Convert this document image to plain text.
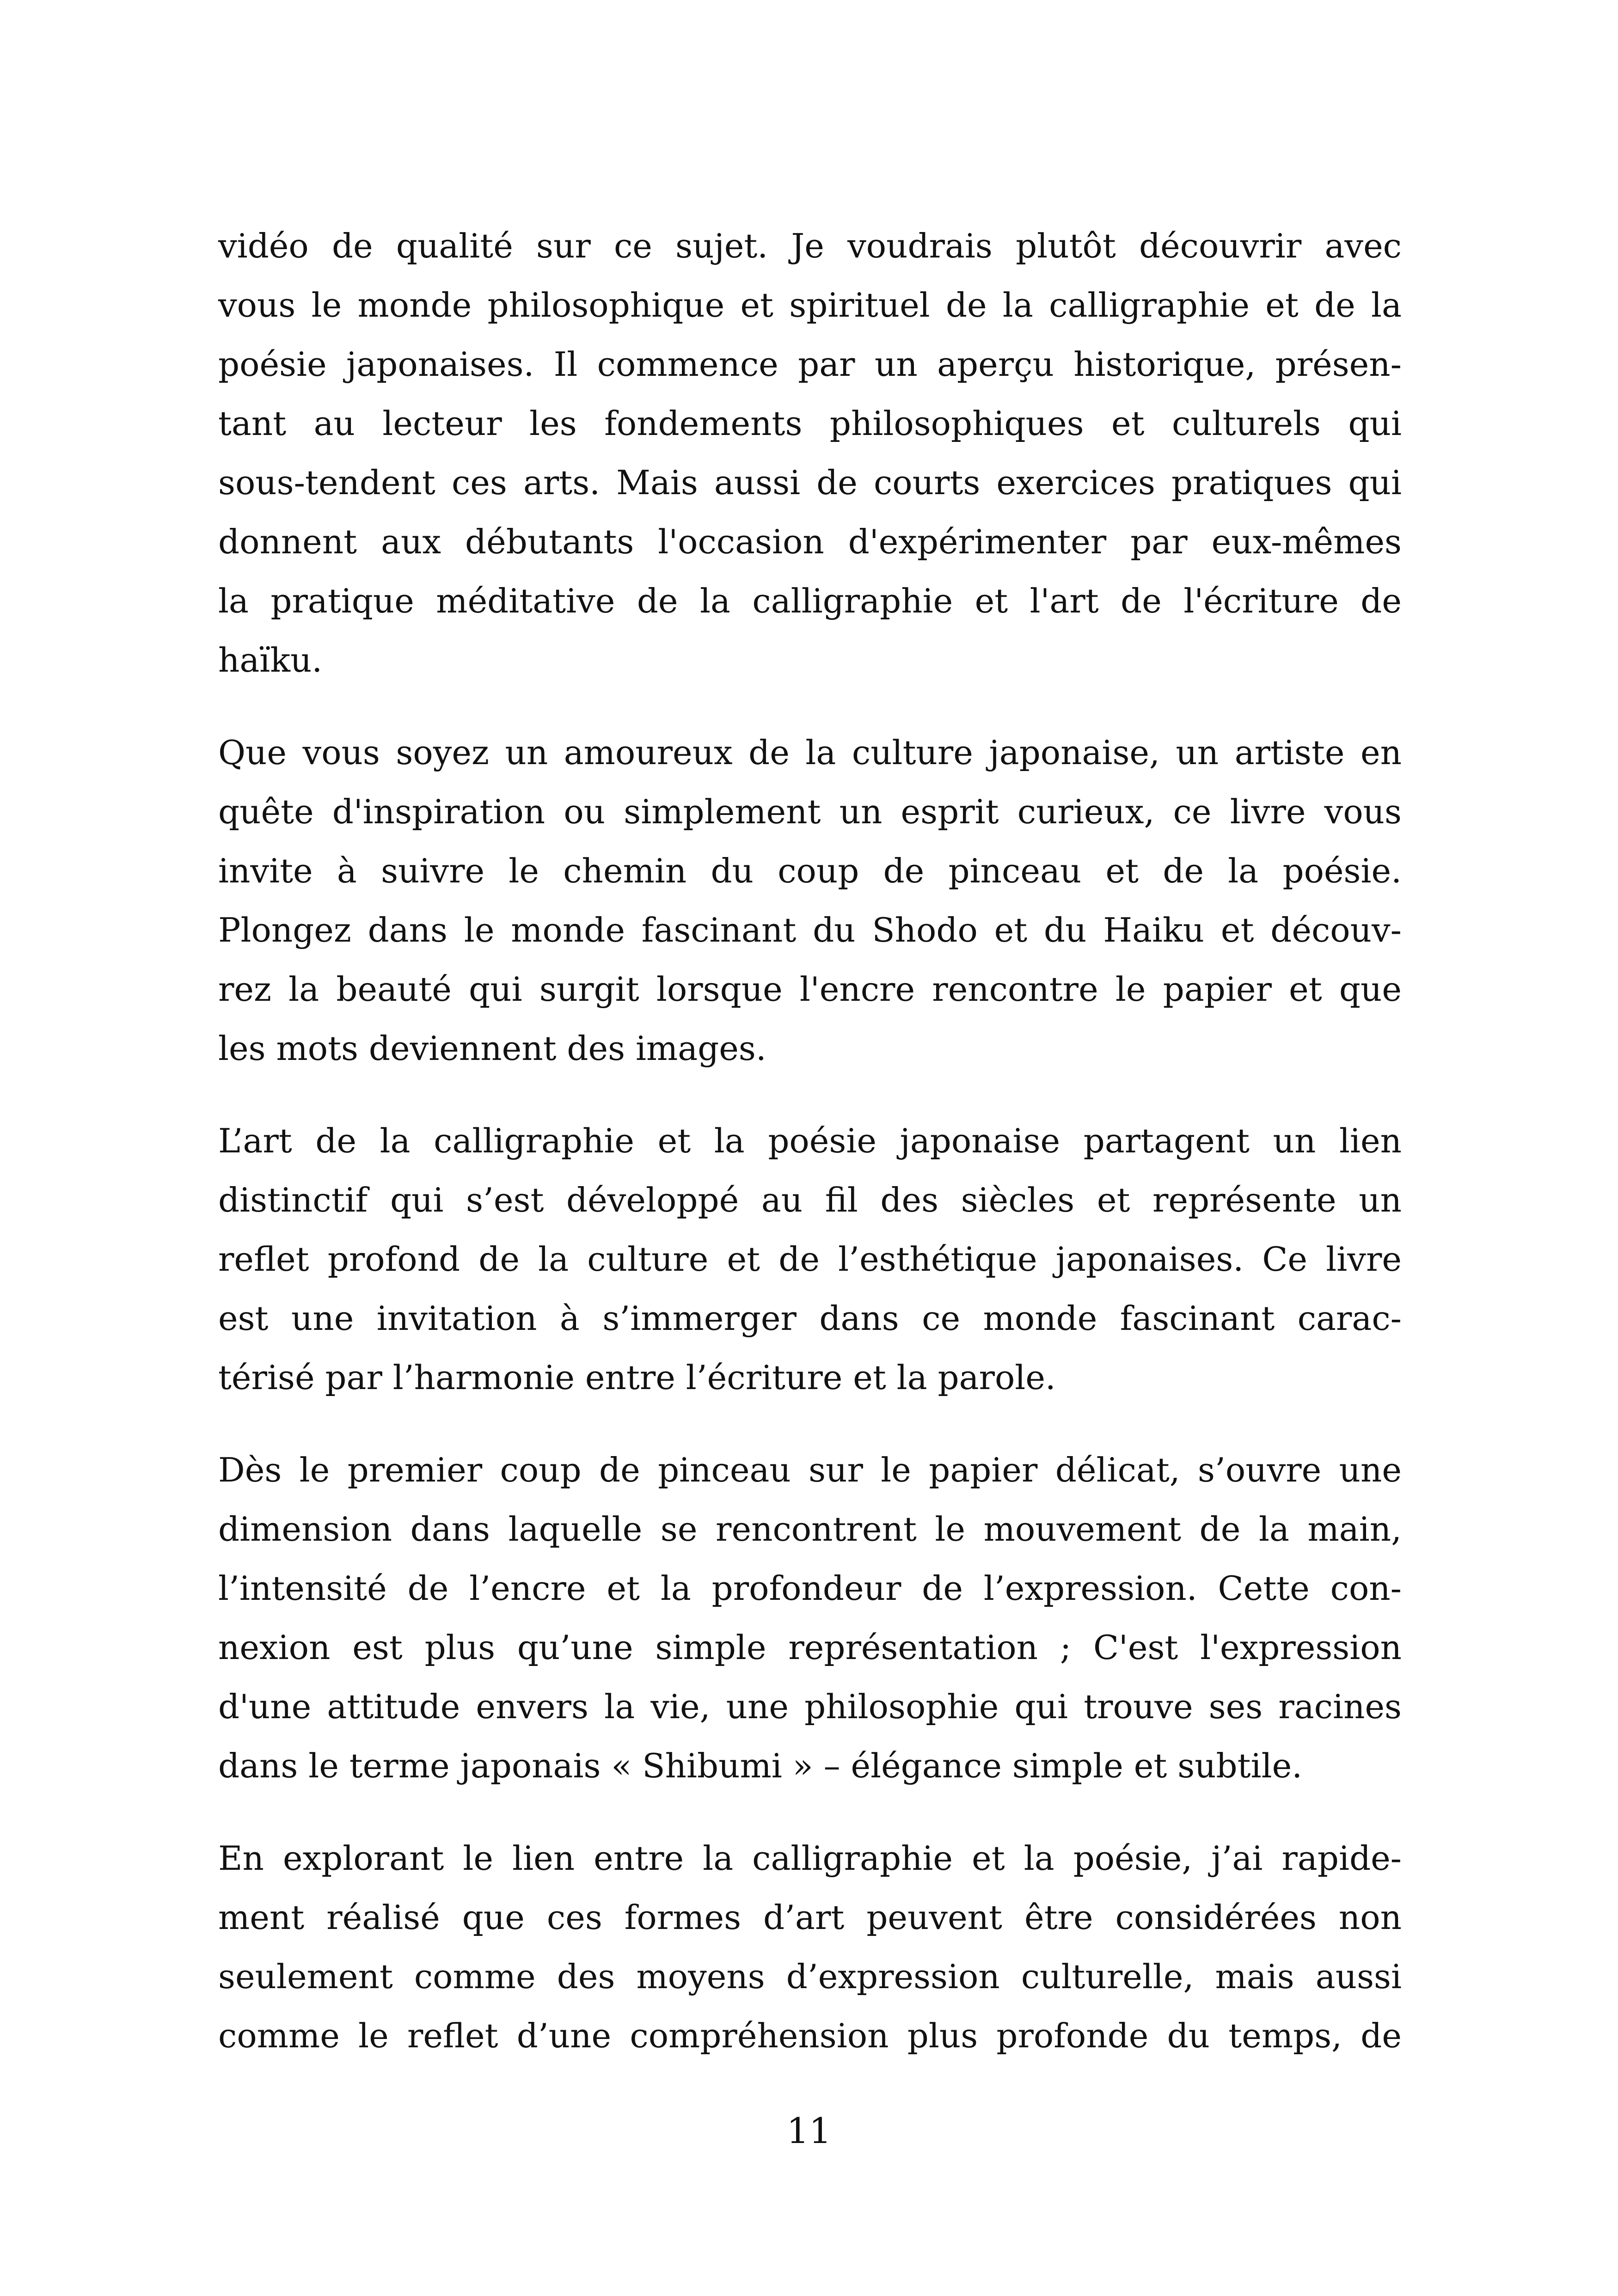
vidéo de qualité sur ce sujet. Je voudrais plutôt découvrir avec
vous le monde philosophique et spirituel de la calligraphie et de la
poésie japonaises. Il commence par un aperçu historique, présen-
tant au lecteur les fondements philosophiques et culturels qui
sous-tendent ces arts. Mais aussi de courts exercices pratiques qui
donnent aux débutants l'occasion d'expérimenter par eux-mêmes
la pratique méditative de la calligraphie et l'art de l'écriture de
haïku.
Que vous soyez un amoureux de la culture japonaise, un artiste en
quête d'inspiration ou simplement un esprit curieux, ce livre vous
invite à suivre le chemin du coup de pinceau et de la poésie.
Plongez dans le monde fascinant du Shodo et du Haiku et découv-
rez la beauté qui surgit lorsque l'encre rencontre le papier et que
les mots deviennent des images.
L’art de la calligraphie et la poésie japonaise partagent un lien
distinctif qui s’est développé au fil des siècles et représente un
reflet profond de la culture et de l’esthétique japonaises. Ce livre
est une invitation à s’immerger dans ce monde fascinant carac-
térisé par l’harmonie entre l’écriture et la parole.
Dès le premier coup de pinceau sur le papier délicat, s’ouvre une
dimension dans laquelle se rencontrent le mouvement de la main,
l’intensité de l’encre et la profondeur de l’expression. Cette con-
nexion est plus qu’une simple représentation ; C'est l'expression
d'une attitude envers la vie, une philosophie qui trouve ses racines
dans le terme japonais « Shibumi » – élégance simple et subtile.
En explorant le lien entre la calligraphie et la poésie, j’ai rapide-
ment réalisé que ces formes d’art peuvent être considérées non
seulement comme des moyens d’expression culturelle, mais aussi
comme le reflet d’une compréhension plus profonde du temps, de
11
